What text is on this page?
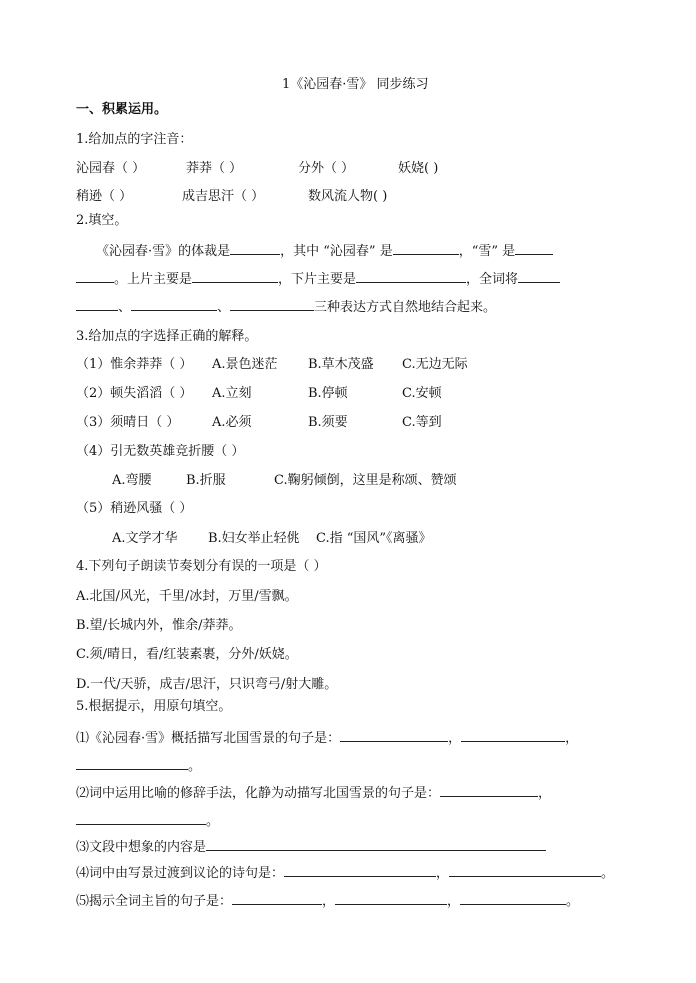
1《沁园春·雪》 同步练习
一、积累运用。
1.给加点的字注音：
沁园春（ ）	莽莽（ ）	分外（ ）	妖娆( )
稍逊（ ）	成吉思汗（ ）	数风流人物( )
2.填空。
《沁园春·雪》的体裁是	，其中 “沁园春” 是	，“雪” 是
。上片主要是	，下片主要是	，全词将
、	、	三种表达方式自然地结合起来。
3.给加点的字选择正确的解释。
（1）惟余莽莽（ ） A.景色迷茫 B.草木茂盛 C.无边无际
（2）顿失滔滔（ ） A.立刻	B.停顿	C.安顿
（3）须晴日（ ）	A.必须	B.须要	C.等到
（4）引无数英雄竞折腰（ ）
A.弯腰	B.折服	C.鞠躬倾倒，这里是称颂、赞颂
（5）稍逊风骚（ ）
A.文学才华 B.妇女举止轻佻 C.指 “国风”《离骚》
4.下列句子朗读节奏划分有误的一项是（ ）
A.北国/风光，千里/冰封，万里/雪飘。
B.望/长城内外，惟余/莽莽。
C.须/晴日，看/红装素裹，分外/妖娆。
D.一代/天骄，成吉/思汗，只识弯弓/射大雕。
5.根据提示，用原句填空。
⑴《沁园春·雪》概括描写北国雪景的句子是：	，	，
。
⑵词中运用比喻的修辞手法，化静为动描写北国雪景的句子是：	，
。
⑶文段中想象的内容是
⑷词中由写景过渡到议论的诗句是：	，	。
⑸揭示全词主旨的句子是：	，	，	。
